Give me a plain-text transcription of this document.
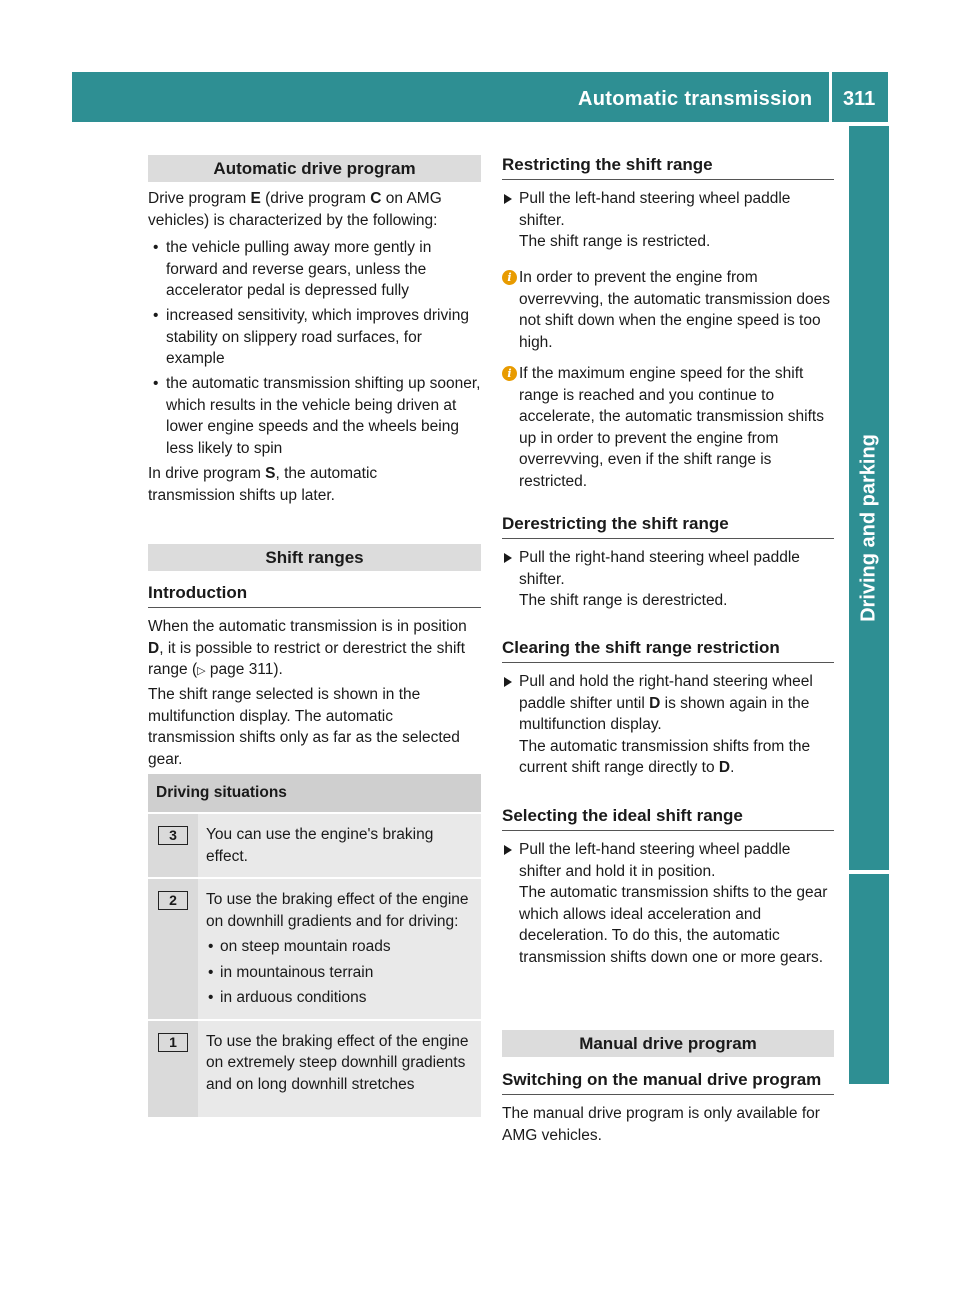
Automatic transmission 311
Driving and parking
Automatic drive program
Drive program E (drive program C on AMG vehicles) is characterized by the following:
• the vehicle pulling away more gently in forward and reverse gears, unless the accelerator pedal is depressed fully
• increased sensitivity, which improves driving stability on slippery road surfaces, for example
• the automatic transmission shifting up sooner, which results in the vehicle being driven at lower engine speeds and the wheels being less likely to spin
In drive program S, the automatic transmission shifts up later.
Shift ranges
Introduction
When the automatic transmission is in position D, it is possible to restrict or derestrict the shift range (▷ page 311).
The shift range selected is shown in the multifunction display. The automatic transmission shifts only as far as the selected gear.
Driving situations	
3	You can use the engine's braking effect.
2	To use the braking effect of the engine on downhill gradients and for driving:
• on steep mountain roads
• in mountainous terrain
• in arduous conditions

1	To use the braking effect of the engine on extremely steep downhill gradients and on long downhill stretches
Restricting the shift range
Pull the left-hand steering wheel paddle shifter.
The shift range is restricted.
i In order to prevent the engine from overrevving, the automatic transmission does not shift down when the engine speed is too high.
i If the maximum engine speed for the shift range is reached and you continue to accelerate, the automatic transmission shifts up in order to prevent the engine from overrevving, even if the shift range is restricted.
Derestricting the shift range
Pull the right-hand steering wheel paddle shifter.
The shift range is derestricted.
Clearing the shift range restriction
Pull and hold the right-hand steering wheel paddle shifter until D is shown again in the multifunction display.
The automatic transmission shifts from the current shift range directly to D.
Selecting the ideal shift range
Pull the left-hand steering wheel paddle shifter and hold it in position.
The automatic transmission shifts to the gear which allows ideal acceleration and deceleration. To do this, the automatic transmission shifts down one or more gears.
Manual drive program
Switching on the manual drive program
The manual drive program is only available for AMG vehicles.
